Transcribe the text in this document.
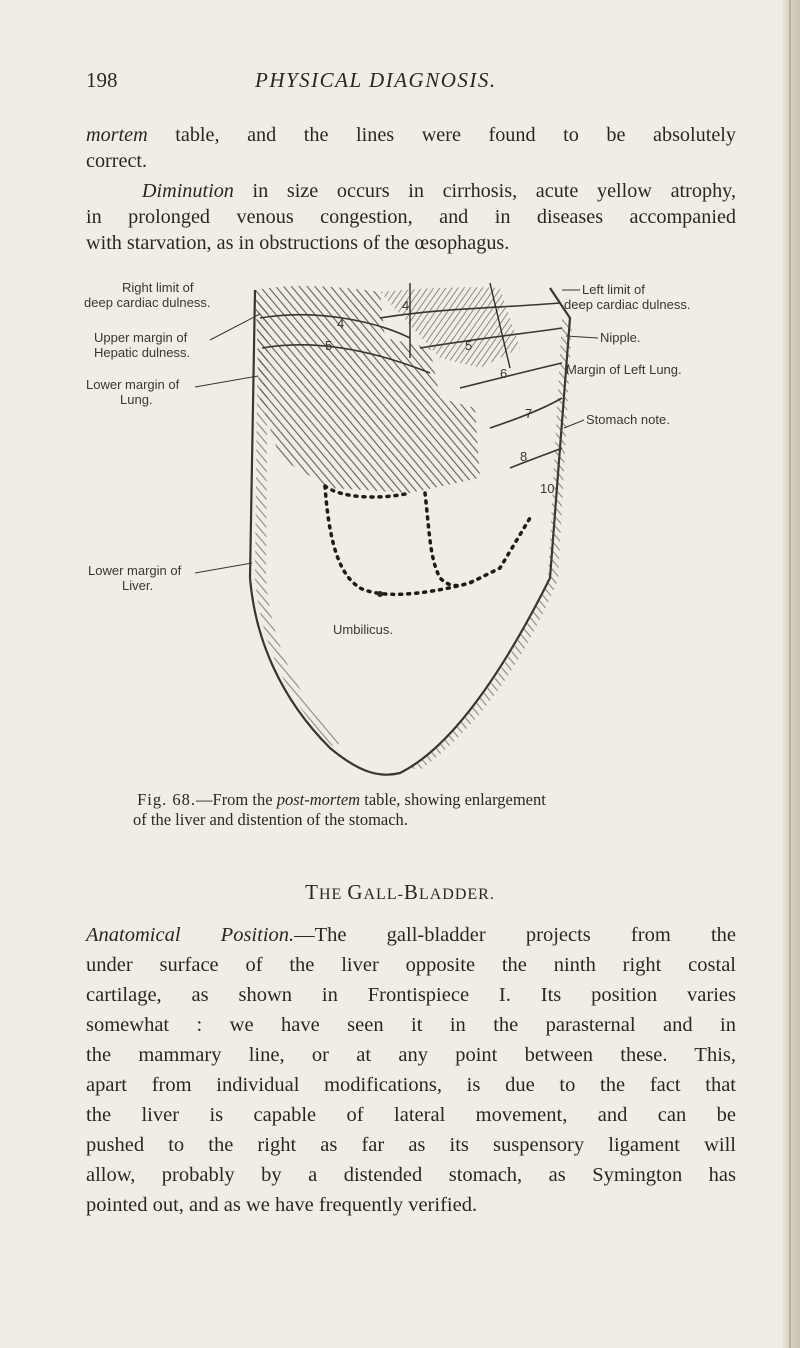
198	PHYSICAL DIAGNOSIS.
mortem table, and the lines were found to be absolutely
correct.
Diminution in size occurs in cirrhosis, acute yellow atrophy,
in prolonged venous congestion, and in diseases accompanied
with starvation, as in obstructions of the œsophagus.
4
4
5	5
6
7
8
10
Right limit of
deep cardiac dulness.
Upper margin of
Hepatic dulness.
Lower margin of
Lung.
Lower margin of
Liver.
Left limit of
deep cardiac dulness.
Nipple.
Margin of Left Lung.
Stomach note.
Umbilicus.
Fig. 68.—From the post-mortem table, showing enlargement
of the liver and distention of the stomach.
THE GALL-BLADDER.
Anatomical Position.—The gall-bladder projects from the
under surface of the liver opposite the ninth right costal
cartilage, as shown in Frontispiece I. Its position varies
somewhat : we have seen it in the parasternal and in
the mammary line, or at any point between these. This,
apart from individual modifications, is due to the fact that
the liver is capable of lateral movement, and can be
pushed to the right as far as its suspensory ligament will
allow, probably by a distended stomach, as Symington has
pointed out, and as we have frequently verified.
